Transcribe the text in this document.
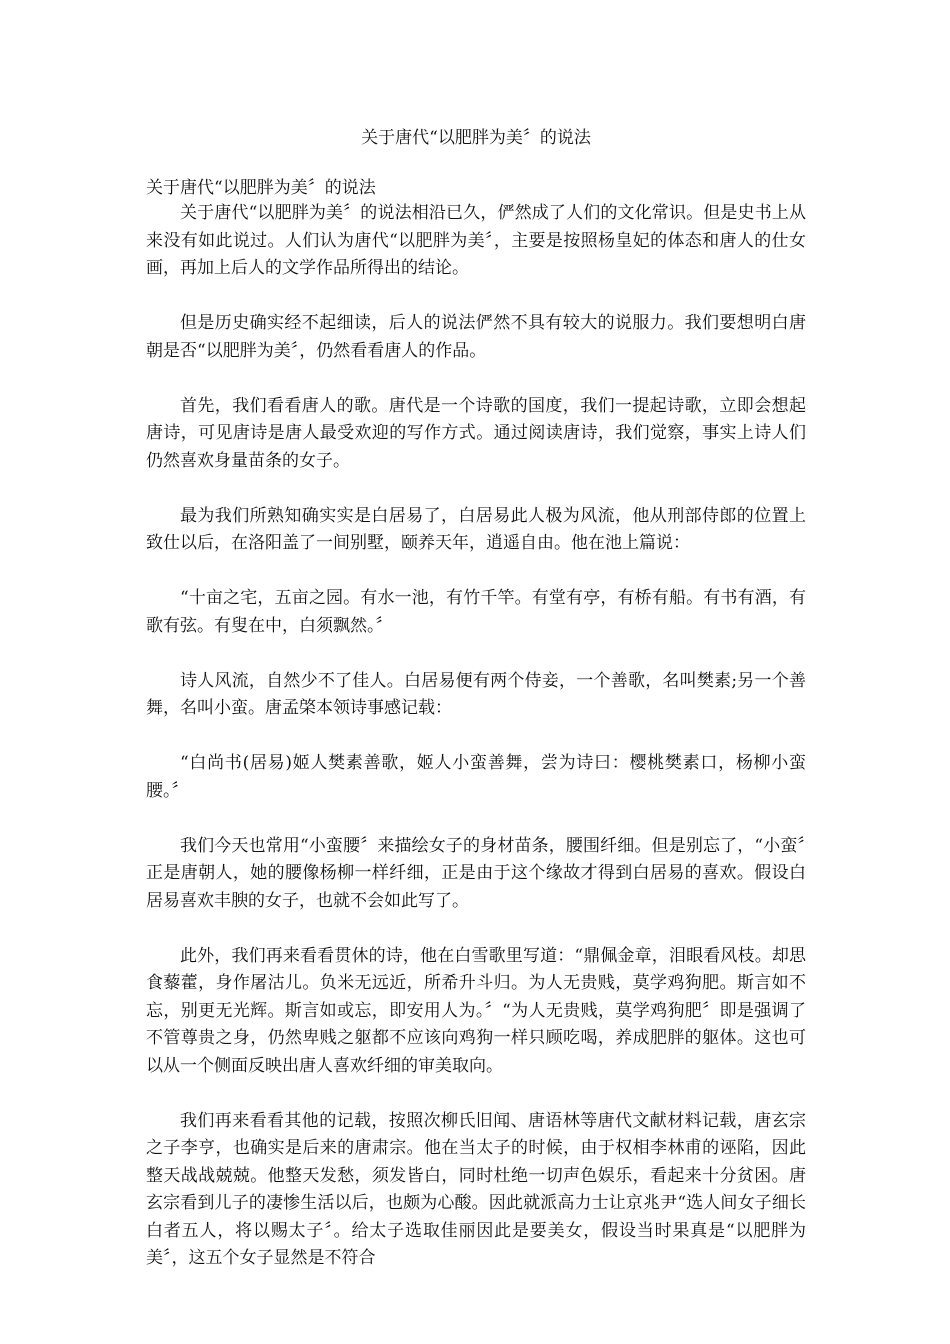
关于唐代“以肥胖为美〞的说法
关于唐代“以肥胖为美〞的说法

关于唐代“以肥胖为美〞的说法相沿已久，俨然成了人们的文化常识。但是史书上从来没有如此说过。人们认为唐代“以肥胖为美〞，主要是按照杨皇妃的体态和唐人的仕女画，再加上后人的文学作品所得出的结论。

但是历史确实经不起细读，后人的说法俨然不具有较大的说服力。我们要想明白唐朝是否“以肥胖为美〞，仍然看看唐人的作品。

首先，我们看看唐人的歌。唐代是一个诗歌的国度，我们一提起诗歌，立即会想起唐诗，可见唐诗是唐人最受欢迎的写作方式。通过阅读唐诗，我们觉察，事实上诗人们仍然喜欢身量苗条的女子。

最为我们所熟知确实实是白居易了，白居易此人极为风流，他从刑部侍郎的位置上致仕以后，在洛阳盖了一间别墅，颐养天年，逍遥自由。他在池上篇说：

“十亩之宅，五亩之园。有水一池，有竹千竿。有堂有亭，有桥有船。有书有酒，有歌有弦。有叟在中，白须飘然。〞

诗人风流，自然少不了佳人。白居易便有两个侍妾，一个善歌，名叫樊素;另一个善舞，名叫小蛮。唐孟棨本领诗事感记载：

“白尚书(居易)姬人樊素善歌，姬人小蛮善舞，尝为诗曰：樱桃樊素口，杨柳小蛮腰。〞

我们今天也常用“小蛮腰〞来描绘女子的身材苗条，腰围纤细。但是别忘了，“小蛮〞正是唐朝人，她的腰像杨柳一样纤细，正是由于这个缘故才得到白居易的喜欢。假设白居易喜欢丰腴的女子，也就不会如此写了。

此外，我们再来看看贯休的诗，他在白雪歌里写道：“鼎佩金章，泪眼看风枝。却思食藜藿，身作屠沽儿。负米无远近，所希升斗归。为人无贵贱，莫学鸡狗肥。斯言如不忘，别更无光辉。斯言如或忘，即安用人为。〞“为人无贵贱，莫学鸡狗肥〞即是强调了不管尊贵之身，仍然卑贱之躯都不应该向鸡狗一样只顾吃喝，养成肥胖的躯体。这也可以从一个侧面反映出唐人喜欢纤细的审美取向。

我们再来看看其他的记载，按照次柳氏旧闻、唐语林等唐代文献材料记载，唐玄宗之子李亨，也确实是后来的唐肃宗。他在当太子的时候，由于权相李林甫的诬陷，因此整天战战兢兢。他整天发愁，须发皆白，同时杜绝一切声色娱乐，看起来十分贫困。唐玄宗看到儿子的凄惨生活以后，也颇为心酸。因此就派高力士让京兆尹“选人间女子细长白者五人，将以赐太子〞。给太子选取佳丽因此是要美女，假设当时果真是“以肥胖为美〞，这五个女子显然是不符合
